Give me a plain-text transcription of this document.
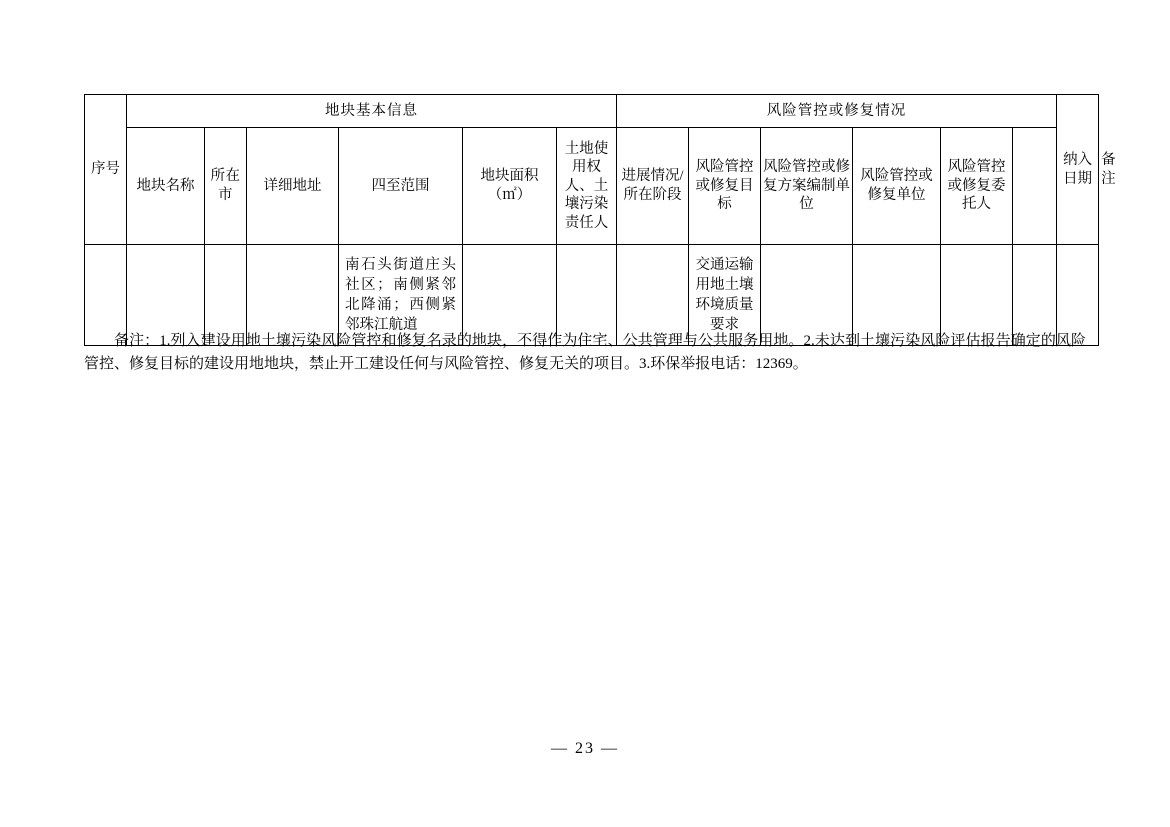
序号	地块基本信息						风险管控或修复情况						纳入日期	备注
	地块名称	所在市	详细地址	四至范围	地块面积（㎡）	土地使用权人、土壤污染责任人	进展情况/所在阶段	风险管控或修复目标	风险管控或修复方案编制单位	风险管控或修复单位	风险管控或修复委托人			

				南石头街道庄头社区；南侧紧邻北降涌；西侧紧邻珠江航道				交通运输用地土壤环境质量要求						

备注：1.列入建设用地土壤污染风险管控和修复名录的地块，不得作为住宅、公共管理与公共服务用地。2.未达到土壤污染风险评估报告确定的风险管控、修复目标的建设用地地块，禁止开工建设任何与风险管控、修复无关的项目。3.环保举报电话：12369。
— 23 —
